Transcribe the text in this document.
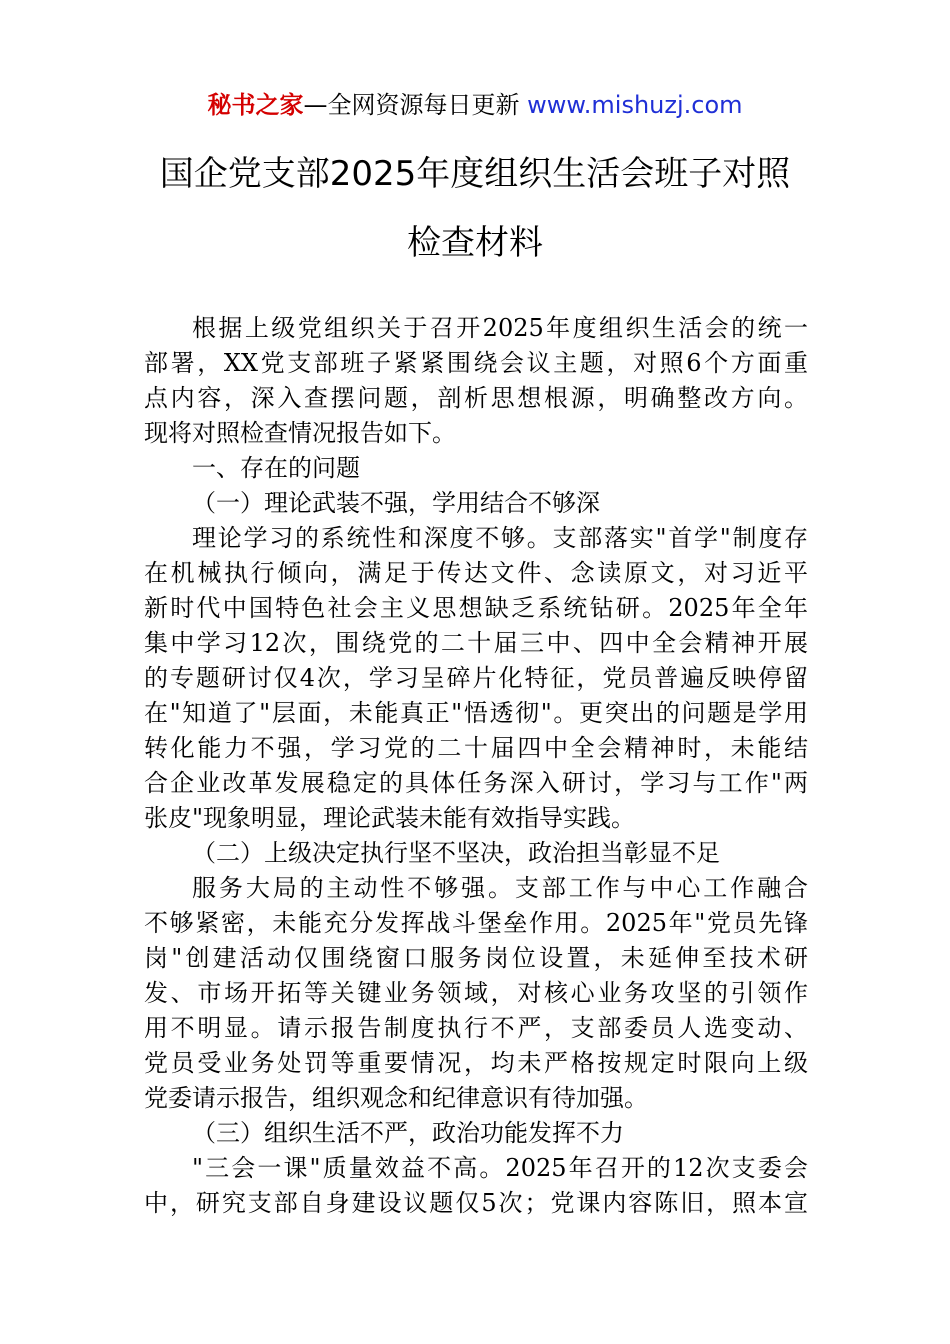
秘书之家—全网资源每日更新 www.mishuzj.com
国企党支部2025年度组织生活会班子对照
检查材料

根据上级党组织关于召开2025年度组织生活会的统一
部署，XX党支部班子紧紧围绕会议主题，对照6个方面重
点内容，深入查摆问题，剖析思想根源，明确整改方向。
现将对照检查情况报告如下。

一、存在的问题
（一）理论武装不强，学用结合不够深

理论学习的系统性和深度不够。支部落实"首学"制度存
在机械执行倾向，满足于传达文件、念读原文，对习近平
新时代中国特色社会主义思想缺乏系统钻研。2025年全年
集中学习12次，围绕党的二十届三中、四中全会精神开展
的专题研讨仅4次，学习呈碎片化特征，党员普遍反映停留
在"知道了"层面，未能真正"悟透彻"。更突出的问题是学用
转化能力不强，学习党的二十届四中全会精神时，未能结
合企业改革发展稳定的具体任务深入研讨，学习与工作"两
张皮"现象明显，理论武装未能有效指导实践。

（二）上级决定执行坚不坚决，政治担当彰显不足

服务大局的主动性不够强。支部工作与中心工作融合
不够紧密，未能充分发挥战斗堡垒作用。2025年"党员先锋
岗"创建活动仅围绕窗口服务岗位设置，未延伸至技术研
发、市场开拓等关键业务领域，对核心业务攻坚的引领作
用不明显。请示报告制度执行不严，支部委员人选变动、
党员受业务处罚等重要情况，均未严格按规定时限向上级
党委请示报告，组织观念和纪律意识有待加强。

（三）组织生活不严，政治功能发挥不力

"三会一课"质量效益不高。2025年召开的12次支委会
中，研究支部自身建设议题仅5次；党课内容陈旧，照本宣
